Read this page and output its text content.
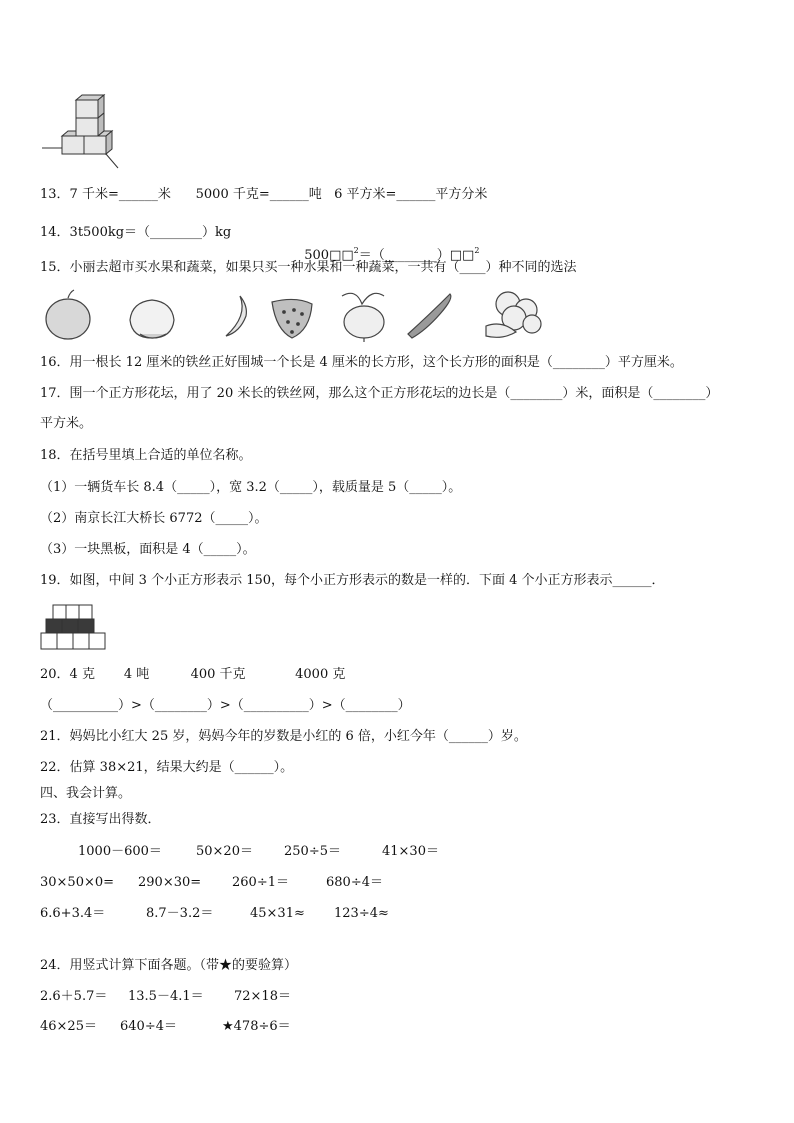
13．7 千米=______米      5000 千克=______吨   6 平方米=______平方分米
14．3t500kg＝（________）kg

500□□$^2$＝（________）□□$^2$

15．小丽去超市买水果和蔬菜，如果只买一种水果和一种蔬菜，一共有（____）种不同的选法
16．用一根长 12 厘米的铁丝正好围城一个长是 4 厘米的长方形，这个长方形的面积是（________）平方厘米。
17．围一个正方形花坛，用了 20 米长的铁丝网，那么这个正方形花坛的边长是（________）米，面积是（________）
平方米。
18．在括号里填上合适的单位名称。
（1）一辆货车长 8.4（_____），宽 3.2（_____），载质量是 5（_____）。
（2）南京长江大桥长 6772（_____）。
（3）一块黑板，面积是 4（_____）。
19．如图，中间 3 个小正方形表示 150，每个小正方形表示的数是一样的．下面 4 个小正方形表示______．
20．4 克       4 吨          400 千克            4000 克
（__________）>（________）>（__________）>（________）
21．妈妈比小红大 25 岁，妈妈今年的岁数是小红的 6 倍，小红今年（______）岁。
22．估算 38×21，结果大约是（______）。
四、我会计算。
23．直接写出得数．
1000－600＝	50×20＝ 250÷5＝	41×30＝
30×50×0= 290×30= 260÷1＝	680÷4＝
6.6+3.4＝	8.7－3.2＝	45×31≈ 123÷4≈
24．用竖式计算下面各题。（带★的要验算）
2.6＋5.7＝ 13.5－4.1＝ 72×18＝
46×25＝ 640÷4＝	★478÷6＝
